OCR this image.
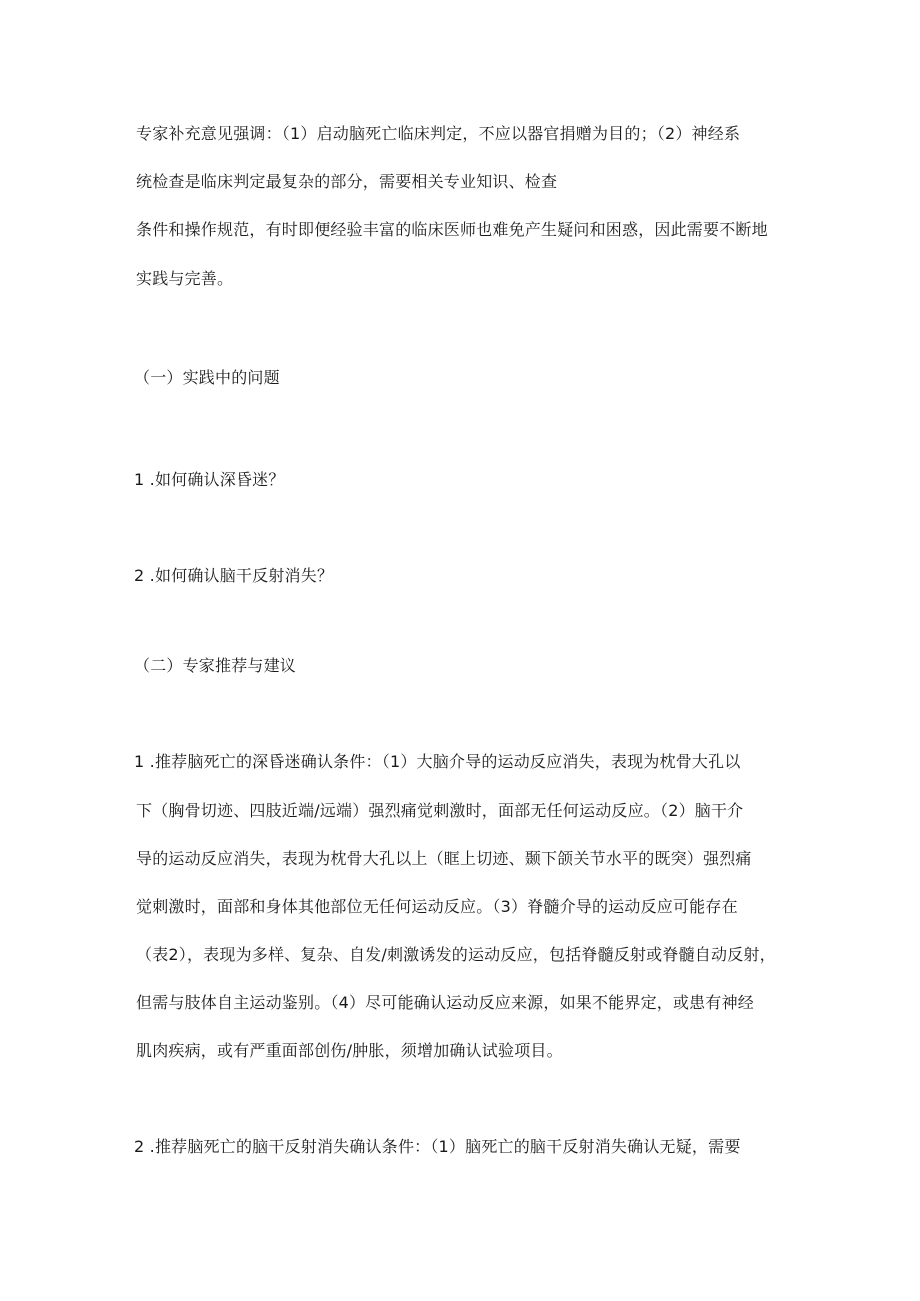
专家补充意见强调：（1）启动脑死亡临床判定，不应以器官捐赠为目的；（2）神经系
统检查是临床判定最复杂的部分，需要相关专业知识、检查
条件和操作规范，有时即便经验丰富的临床医师也难免产生疑问和困惑，因此需要不断地
实践与完善。
（一）实践中的问题
1 .如何确认深昏迷？
2 .如何确认脑干反射消失？
（二）专家推荐与建议
1 .推荐脑死亡的深昏迷确认条件：（1）大脑介导的运动反应消失，表现为枕骨大孔以
下（胸骨切迹、四肢近端/远端）强烈痛觉刺激时，面部无任何运动反应。（2）脑干介
导的运动反应消失，表现为枕骨大孔以上（眶上切迹、颞下颌关节水平的既突）强烈痛
觉刺激时，面部和身体其他部位无任何运动反应。（3）脊髓介导的运动反应可能存在
（表2），表现为多样、复杂、自发/刺激诱发的运动反应，包括脊髓反射或脊髓自动反射，
但需与肢体自主运动鉴别。（4）尽可能确认运动反应来源，如果不能界定，或患有神经
肌肉疾病，或有严重面部创伤/肿胀，须增加确认试验项目。
2 .推荐脑死亡的脑干反射消失确认条件：（1）脑死亡的脑干反射消失确认无疑，需要
